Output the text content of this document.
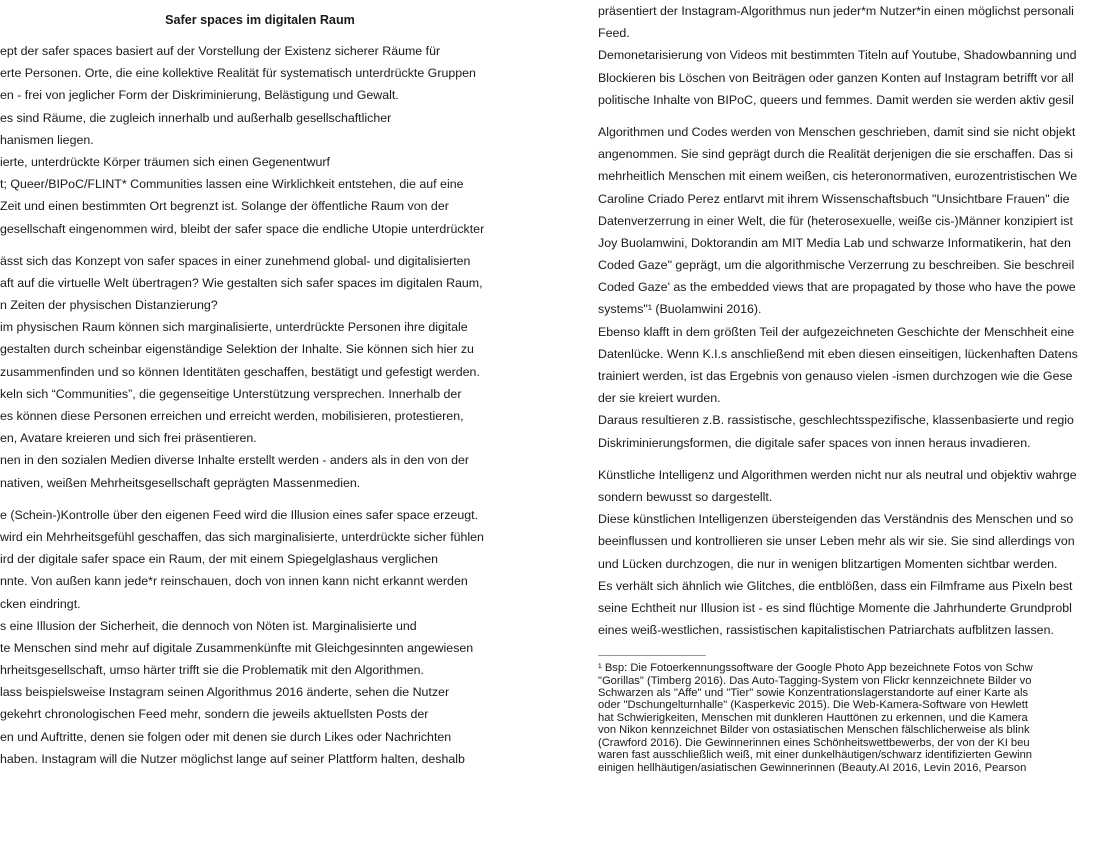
Safer spaces im digitalen Raum
ept der safer spaces basiert auf der Vorstellung der Existenz sicherer Räume für
erte Personen. Orte, die eine kollektive Realität für systematisch unterdrückte Gruppen
en - frei von jeglicher Form der Diskriminierung, Belästigung und Gewalt.
es sind Räume, die zugleich innerhalb und außerhalb gesellschaftlicher
hanismen liegen.
ierte, unterdrückte Körper träumen sich einen Gegenentwurf
t; Queer/BIPoC/FLINT* Communities lassen eine Wirklichkeit entstehen, die auf eine
Zeit und einen bestimmten Ort begrenzt ist. Solange der öffentliche Raum von der
gesellschaft eingenommen wird, bleibt der safer space die endliche Utopie unterdrückter
ässt sich das Konzept von safer spaces in einer zunehmend global- und digitalisierten
aft auf die virtuelle Welt übertragen? Wie gestalten sich safer spaces im digitalen Raum,
n Zeiten der physischen Distanzierung?
im physischen Raum können sich marginalisierte, unterdrückte Personen ihre digitale
gestalten durch scheinbar eigenständige Selektion der Inhalte. Sie können sich hier zu
zusammenfinden und so können Identitäten geschaffen, bestätigt und gefestigt werden.
keln sich “Communities”, die gegenseitige Unterstützung versprechen. Innerhalb der
es können diese Personen erreichen und erreicht werden, mobilisieren, protestieren,
en, Avatare kreieren und sich frei präsentieren.
nen in den sozialen Medien diverse Inhalte erstellt werden - anders als in den von der
nativen, weißen Mehrheitsgesellschaft geprägten Massenmedien.
e (Schein-)Kontrolle über den eigenen Feed wird die Illusion eines safer space erzeugt.
wird ein Mehrheitsgefühl geschaffen, das sich marginalisierte, unterdrückte sicher fühlen
ird der digitale safer space ein Raum, der mit einem Spiegelglashaus verglichen
nnte. Von außen kann jede*r reinschauen, doch von innen kann nicht erkannt werden
cken eindringt.
s eine Illusion der Sicherheit, die dennoch von Nöten ist. Marginalisierte und
te Menschen sind mehr auf digitale Zusammenkünfte mit Gleichgesinnten angewiesen
hrheitsgesellschaft, umso härter trifft sie die Problematik mit den Algorithmen.
lass beispielsweise Instagram seinen Algorithmus 2016 änderte, sehen die Nutzer
gekehrt chronologischen Feed mehr, sondern die jeweils aktuellsten Posts der
en und Auftritte, denen sie folgen oder mit denen sie durch Likes oder Nachrichten
haben. Instagram will die Nutzer möglichst lange auf seiner Plattform halten, deshalb
präsentiert der Instagram-Algorithmus nun jeder*m Nutzer*in einen möglichst personali
Feed.
Demonetarisierung von Videos mit bestimmten Titeln auf Youtube, Shadowbanning und
Blockieren bis Löschen von Beiträgen oder ganzen Konten auf Instagram betrifft vor all
politische Inhalte von BIPoC, queers und femmes. Damit werden sie werden aktiv gesil
Algorithmen und Codes werden von Menschen geschrieben, damit sind sie nicht objekt
angenommen. Sie sind geprägt durch die Realität derjenigen die sie erschaffen. Das si
mehrheitlich Menschen mit einem weißen, cis heteronormativen, eurozentristischen We
Caroline Criado Perez entlarvt mit ihrem Wissenschaftsbuch "Unsichtbare Frauen" die
Datenverzerrung in einer Welt, die für (heterosexuelle, weiße cis-)Männer konzipiert ist
Joy Buolamwini, Doktorandin am MIT Media Lab und schwarze Informatikerin, hat den
Coded Gaze" geprägt, um die algorithmische Verzerrung zu beschreiben. Sie beschreil
Coded Gaze' as the embedded views that are propagated by those who have the powe
systems"¹ (Buolamwini 2016).
Ebenso klafft in dem größten Teil der aufgezeichneten Geschichte der Menschheit eine
Datenlücke. Wenn K.I.s anschließend mit eben diesen einseitigen, lückenhaften Datens
trainiert werden, ist das Ergebnis von genauso vielen -ismen durchzogen wie die Gese
der sie kreiert wurden.
Daraus resultieren z.B. rassistische, geschlechtsspezifische, klassenbasierte und regio
Diskriminierungsformen, die digitale safer spaces von innen heraus invadieren.
Künstliche Intelligenz und Algorithmen werden nicht nur als neutral und objektiv wahrge
sondern bewusst so dargestellt.
Diese künstlichen Intelligenzen übersteigenden das Verständnis des Menschen und so
beeinflussen und kontrollieren sie unser Leben mehr als wir sie. Sie sind allerdings von
und Lücken durchzogen, die nur in wenigen blitzartigen Momenten sichtbar werden.
Es verhält sich ähnlich wie Glitches, die entblößen, dass ein Filmframe aus Pixeln best
seine Echtheit nur Illusion ist - es sind flüchtige Momente die Jahrhunderte Grundprobl
eines weiß-westlichen, rassistischen kapitalistischen Patriarchats aufblitzen lassen.
¹ Bsp: Die Fotoerkennungssoftware der Google Photo App bezeichnete Fotos von Schw
"Gorillas" (Timberg 2016). Das Auto-Tagging-System von Flickr kennzeichnete Bilder vo
Schwarzen als "Affe" und "Tier" sowie Konzentrationslagerstandorte auf einer Karte als
oder "Dschungelturnhalle" (Kasperkevic 2015). Die Web-Kamera-Software von Hewlett
hat Schwierigkeiten, Menschen mit dunkleren Hauttönen zu erkennen, und die Kamera
von Nikon kennzeichnet Bilder von ostasiatischen Menschen fälschlicherweise als blink
(Crawford 2016). Die Gewinnerinnen eines Schönheitswettbewerbs, der von der KI beu
waren fast ausschließlich weiß, mit einer dunkelhäutigen/schwarz identifizierten Gewinn
einigen hellhäutigen/asiatischen Gewinnerinnen (Beauty.AI 2016, Levin 2016, Pearson
